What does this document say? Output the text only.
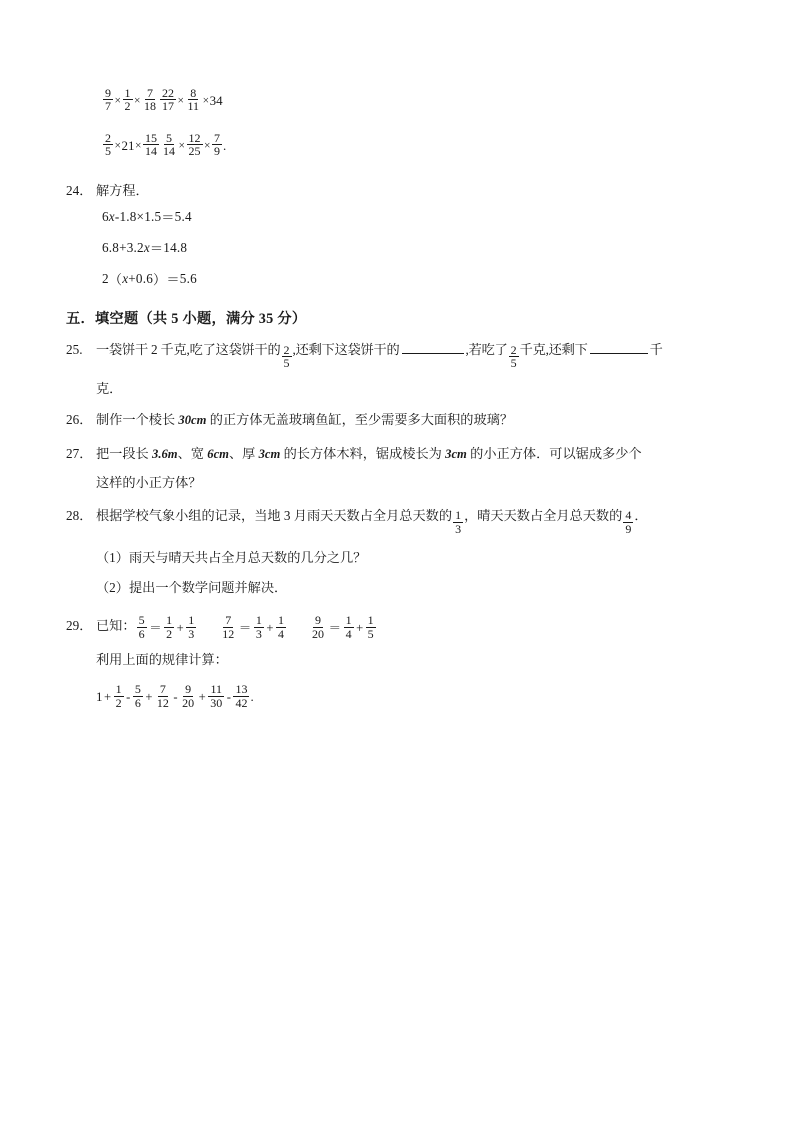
$\frac{9}{7} \times \frac{1}{2} \times \frac{7}{18} \frac{22}{17} \times \frac{8}{11} \times 34$
$\frac{2}{5} \times 21 \times \frac{15}{14} \frac{5}{14} \times \frac{12}{25} \times \frac{7}{9}$ .
24． 解方程．
6 x - 1 . 8 × 1 . 5 ＝ 5 . 4
6 . 8 + 3 . 2 x ＝ 1 4 . 8
2 （ x + 0 . 6 ） ＝ 5 . 6
五．填空题（共 5 小题，满分 35 分）
25.	一袋饼干 2 千克,吃了这袋饼干的 $\frac{2}{5}$ ,还剩下这袋饼干的	,若吃了 $\frac{2}{5}$ 千克,还剩下	千
克．
26． 制作一个棱长 30cm 的正方体无盖玻璃鱼缸，至少需要多大面积的玻璃？
27． 把一段长 3.6m、宽 6cm、厚 3cm 的长方体木料，锯成棱长为 3cm 的小正方体．可以锯成多少个
这样的小正方体？
28． 根据学校气象小组的记录，当地 3 月雨天天数占全月总天数的 $\frac{1}{3}$ ，晴天天数占全月总天数的 $\frac{4}{9}$ ．
（1）雨天与晴天共占全月总天数的几分之几？
（2）提出一个数学问题并解决．
29． 已知： $\frac{5}{6} = \frac{1}{2} + \frac{1}{3} \frac{7}{12} = \frac{1}{3} + \frac{1}{4} \frac{9}{20} = \frac{1}{4} + \frac{1}{5}$
利用上面的规律计算：
$1 + \frac{1}{2} - \frac{5}{6} + \frac{7}{12} - \frac{9}{20} + \frac{11}{30} - \frac{13}{42}$ .
